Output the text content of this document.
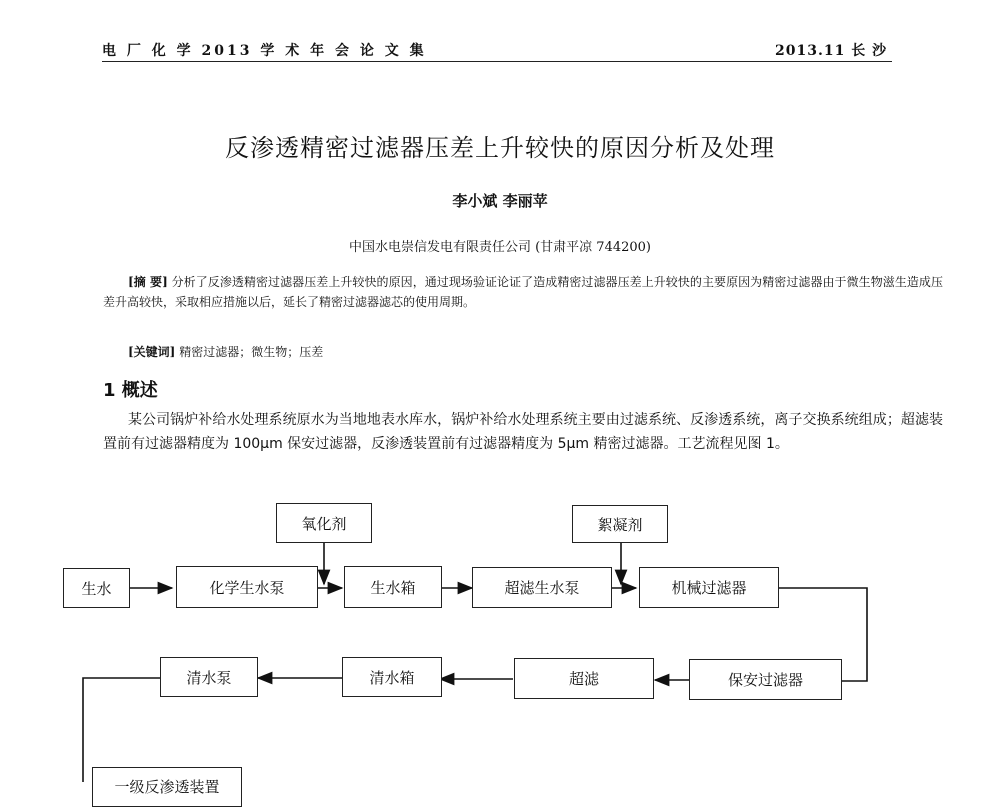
电 厂 化 学 2013 学 术 年 会 论 文 集	2013.11 长 沙
反渗透精密过滤器压差上升较快的原因分析及处理
李小斌 李丽苹
中国水电崇信发电有限责任公司 (甘肃平凉 744200)
[摘 要] 分析了反渗透精密过滤器压差上升较快的原因，通过现场验证论证了造成精密过滤器压差上升较快的主要原因为精密过滤器由于微生物滋生造成压差升高较快，采取相应措施以后，延长了精密过滤器滤芯的使用周期。
[关键词] 精密过滤器；微生物；压差
1 概述
某公司锅炉补给水处理系统原水为当地地表水库水，锅炉补给水处理系统主要由过滤系统、反渗透系统，离子交换系统组成；超滤装置前有过滤器精度为 100μm 保安过滤器，反渗透装置前有过滤器精度为 5μm 精密过滤器。工艺流程见图 1。
生水	化学生水泵
氧化剂
生水箱	超滤生水泵
絮凝剂
机械过滤器
保安过滤器
超滤
清水箱
清水泵
一级反渗透装置
